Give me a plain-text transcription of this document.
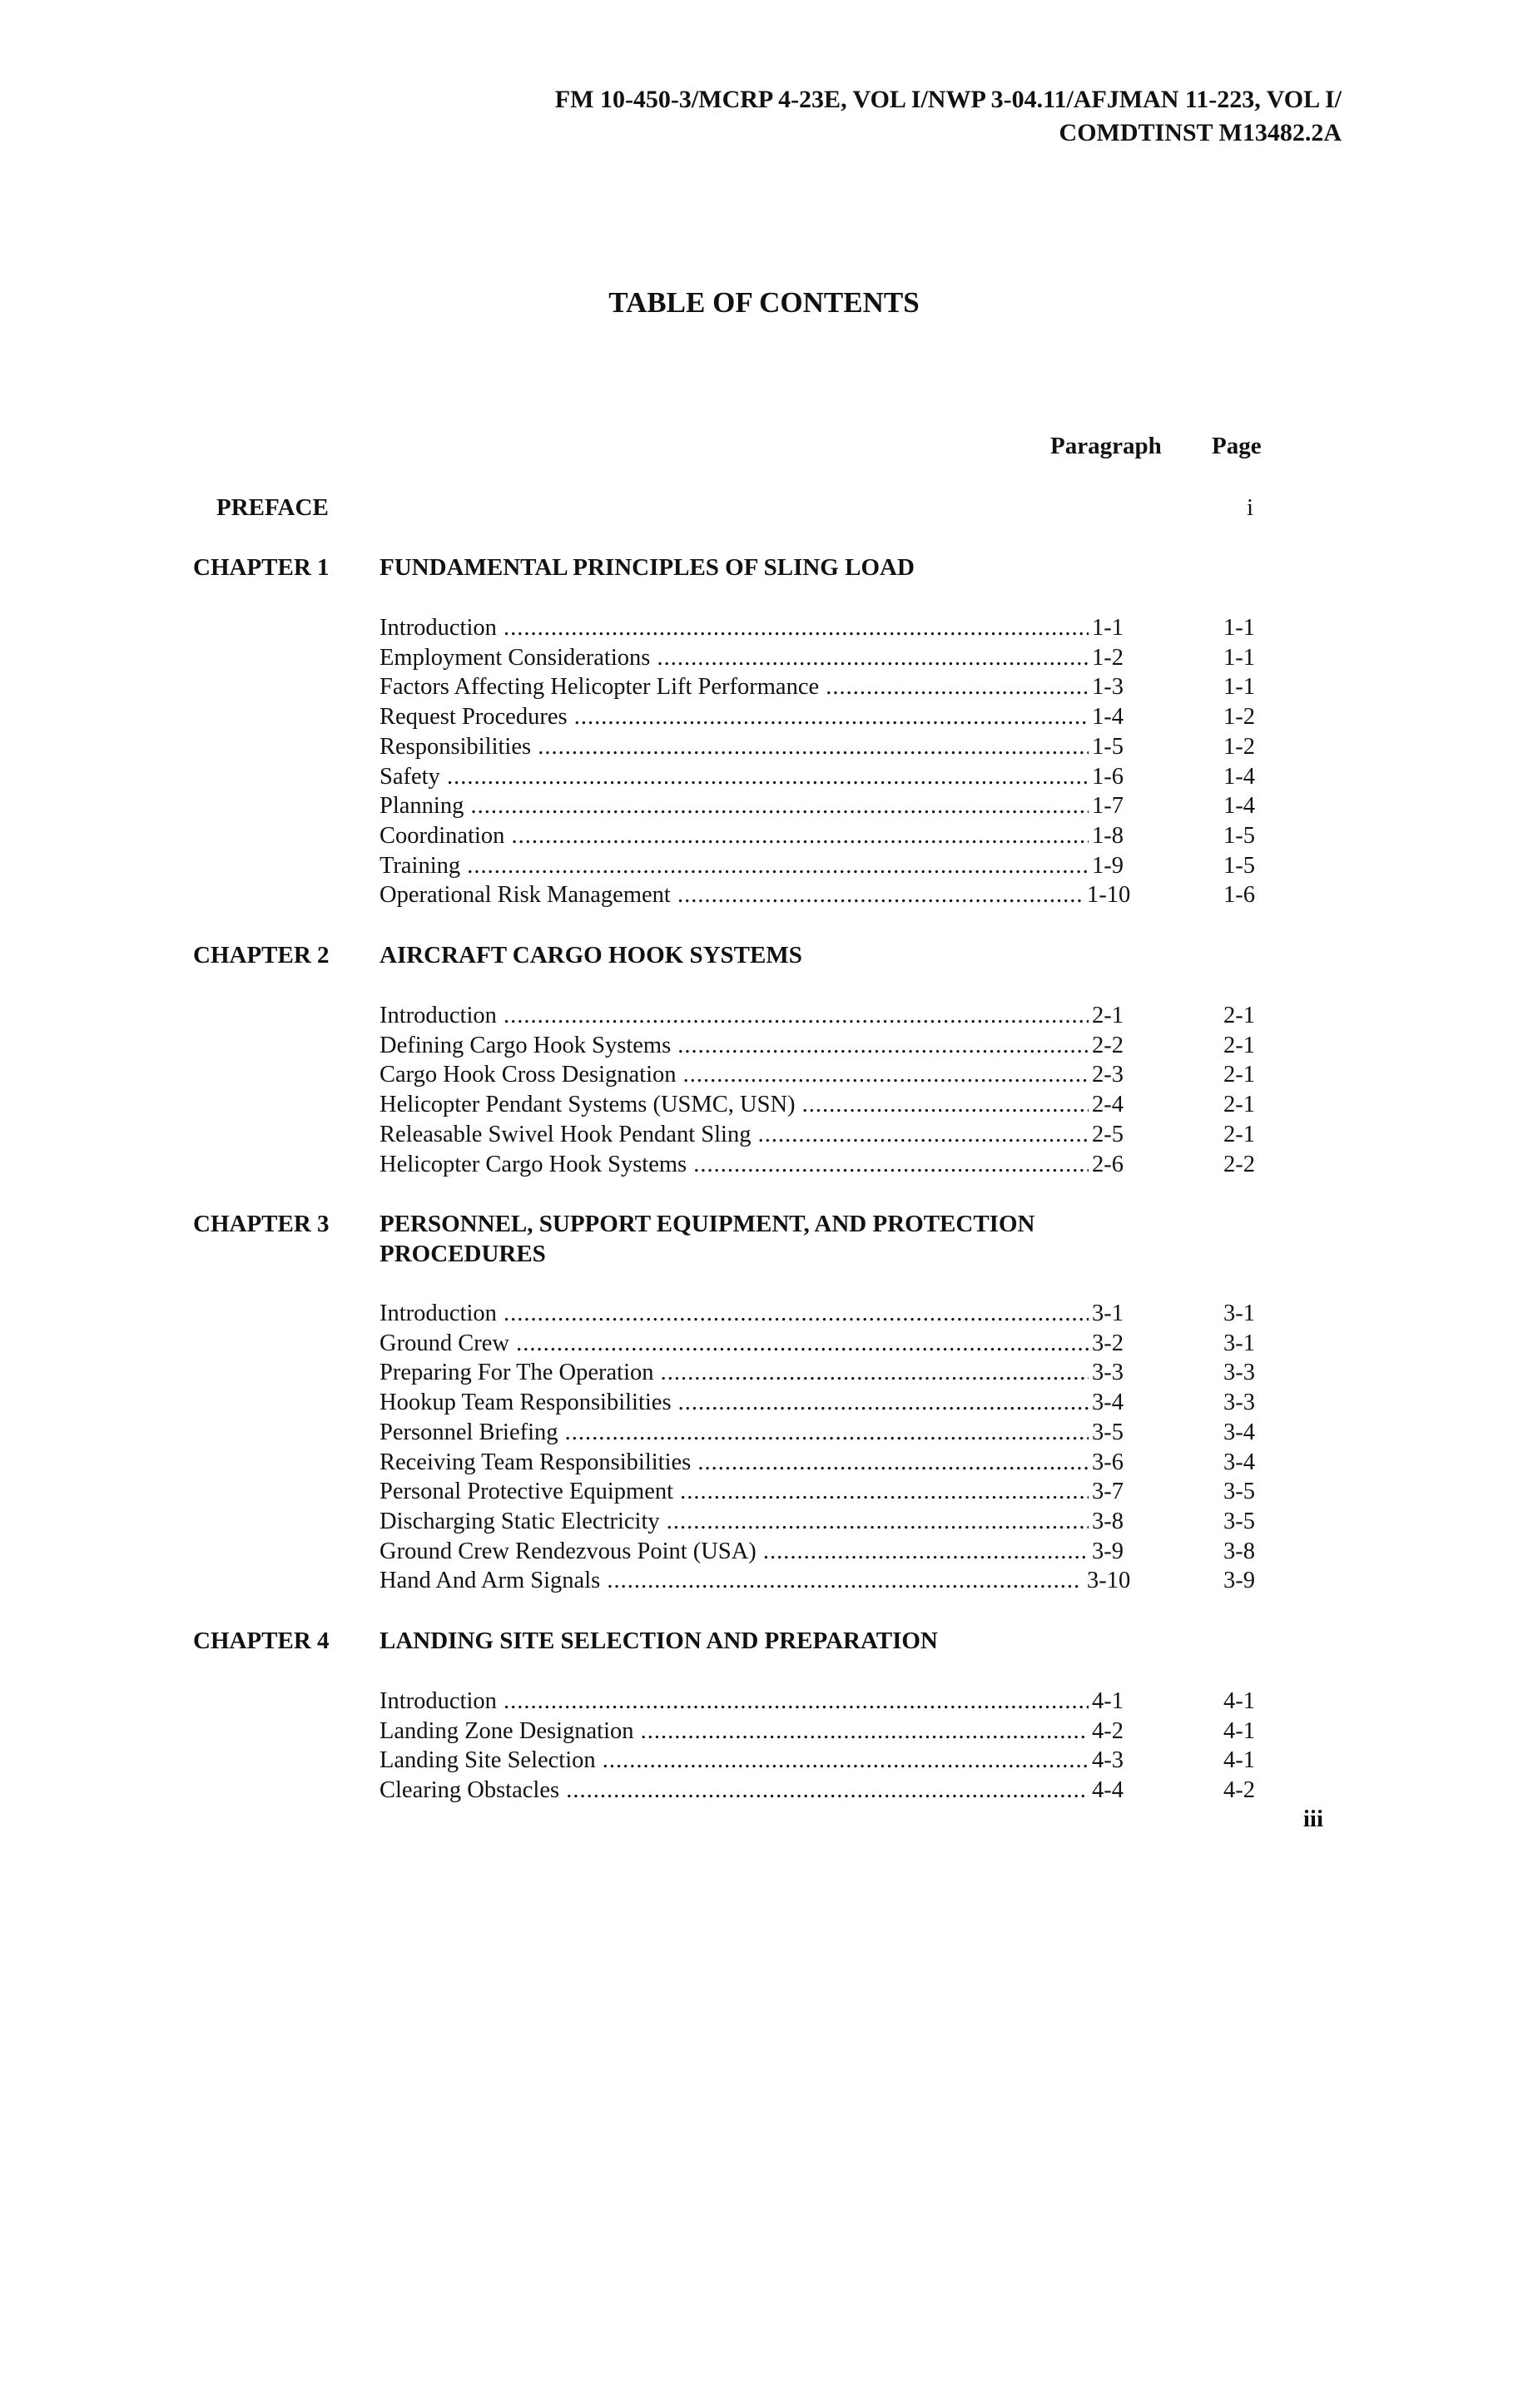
FM 10-450-3/MCRP 4-23E, VOL I/NWP 3-04.11/AFJMAN 11-223, VOL I/
COMDTINST M13482.2A
TABLE OF CONTENTS
Paragraph Page
PREFACE	i
CHAPTER 1 FUNDAMENTAL PRINCIPLES OF SLING LOAD
Introduction .....	1-1	1-1
Employment Considerations .....	1-2	1-1
Factors Affecting Helicopter Lift Performance .....	1-3	1-1
Request Procedures .....	1-4	1-2
Responsibilities .....	1-5	1-2
Safety .....	1-6	1-4
Planning .....	1-7	1-4
Coordination .....	1-8	1-5
Training .....	1-9	1-5
Operational Risk Management .....	1-10	1-6
CHAPTER 2 AIRCRAFT CARGO HOOK SYSTEMS
Introduction .....	2-1	2-1
Defining Cargo Hook Systems .....	2-2	2-1
Cargo Hook Cross Designation .....	2-3	2-1
Helicopter Pendant Systems (USMC, USN) .....	2-4	2-1
Releasable Swivel Hook Pendant Sling .....	2-5	2-1
Helicopter Cargo Hook Systems .....	2-6	2-2
CHAPTER 3 PERSONNEL, SUPPORT EQUIPMENT, AND PROTECTION
PROCEDURES
Introduction .....	3-1	3-1
Ground Crew .....	3-2	3-1
Preparing For The Operation .....	3-3	3-3
Hookup Team Responsibilities .....	3-4	3-3
Personnel Briefing .....	3-5	3-4
Receiving Team Responsibilities .....	3-6	3-4
Personal Protective Equipment .....	3-7	3-5
Discharging Static Electricity .....	3-8	3-5
Ground Crew Rendezvous Point (USA) .....	3-9	3-8
Hand And Arm Signals .....	3-10	3-9
CHAPTER 4 LANDING SITE SELECTION AND PREPARATION
Introduction .....	4-1	4-1
Landing Zone Designation .....	4-2	4-1
Landing Site Selection .....	4-3	4-1
Clearing Obstacles .....	4-4	4-2
iii
